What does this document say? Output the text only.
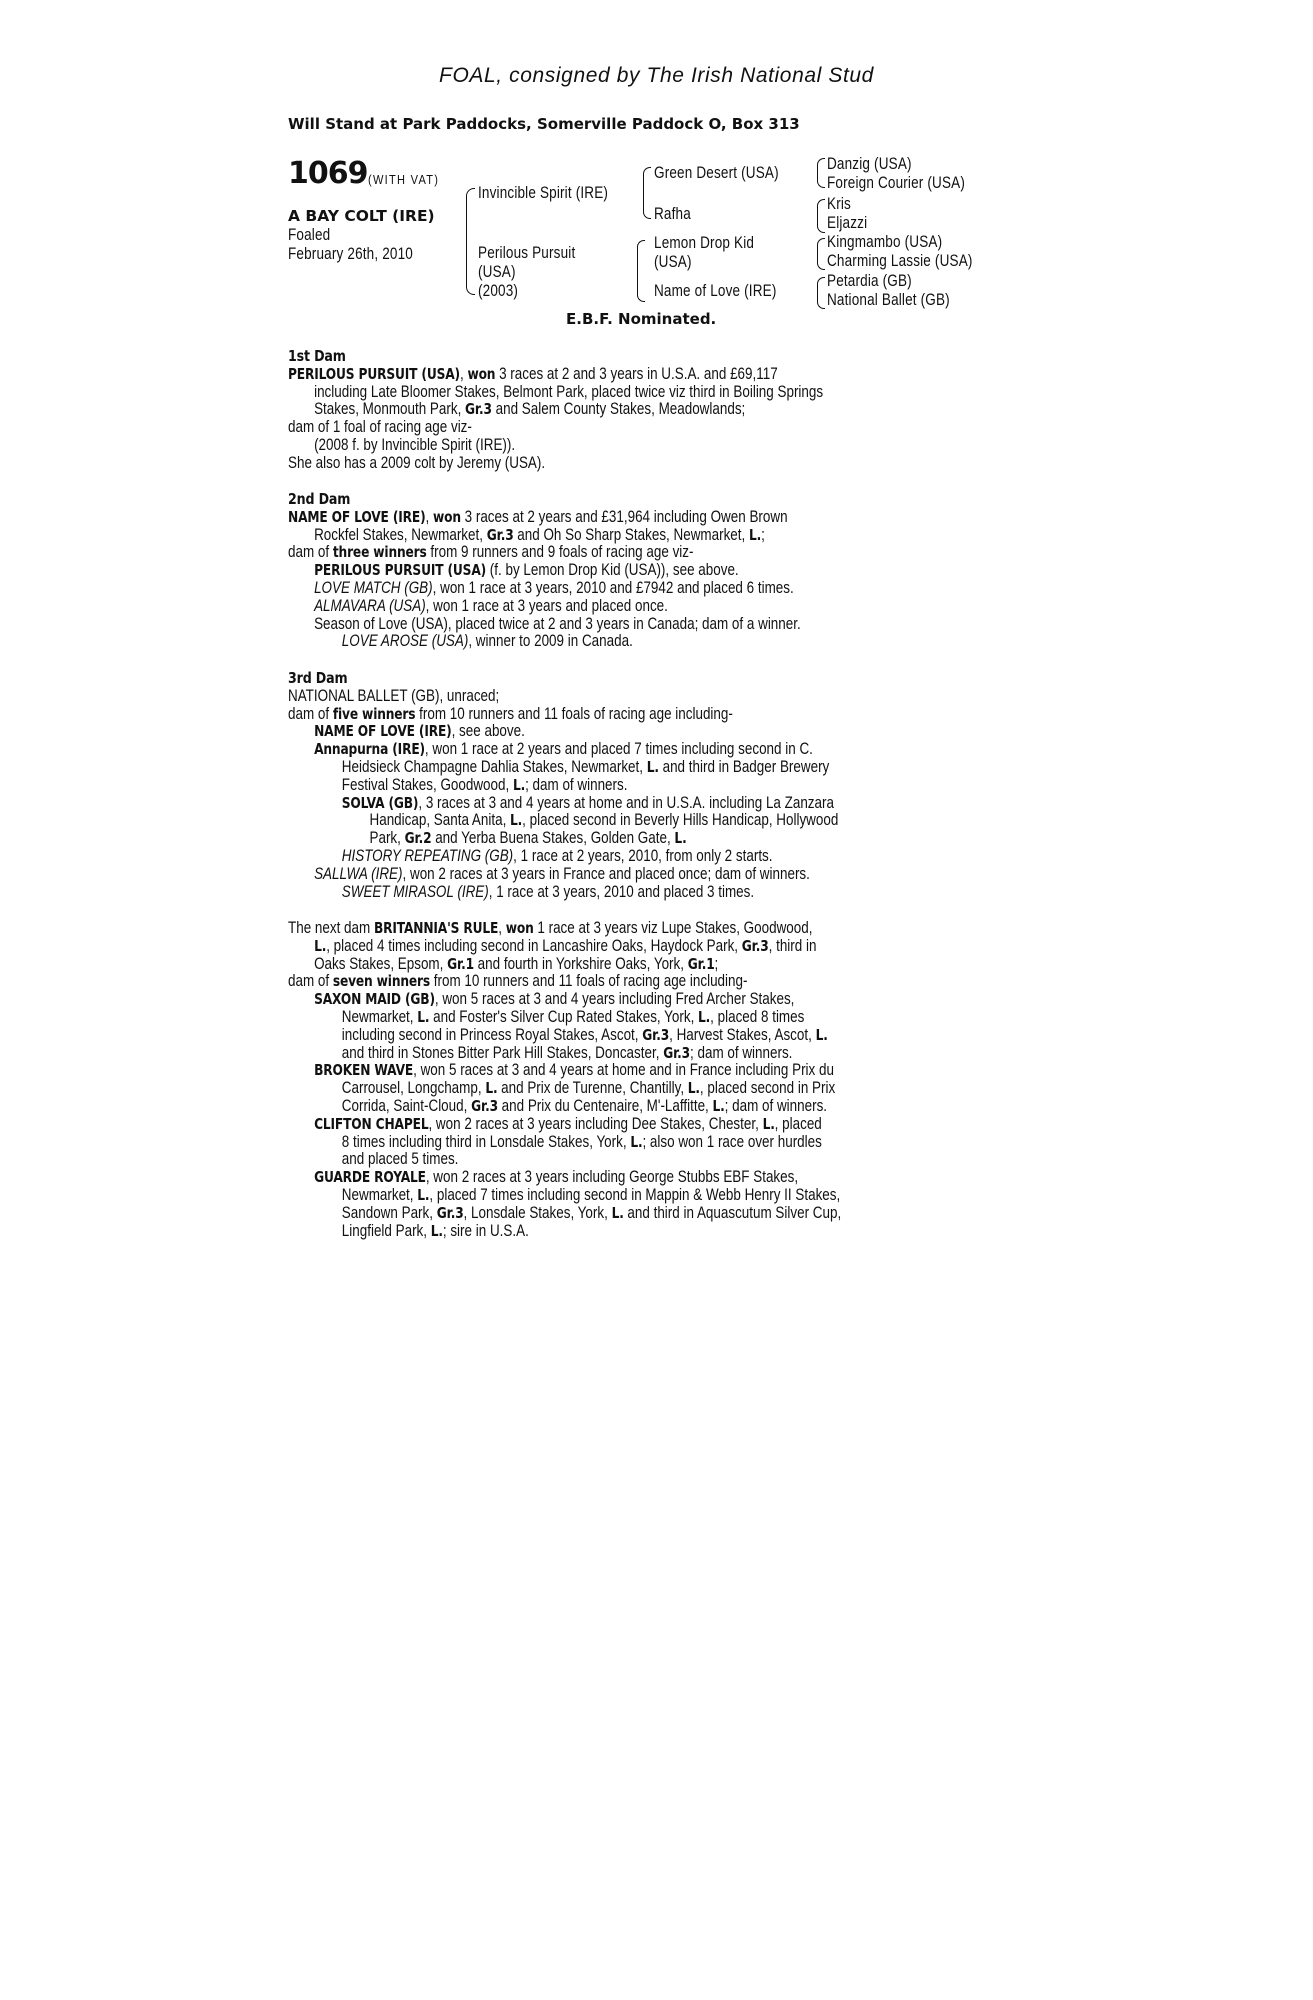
FOAL, consigned by The Irish National Stud
Will Stand at Park Paddocks, Somerville Paddock O, Box 313
1069 (WITH VAT)
A BAY COLT (IRE)
Foaled
February 26th, 2010
Invincible Spirit (IRE)
Perilous Pursuit
(USA)
(2003)
Green Desert (USA)
Rafha
Lemon Drop Kid
(USA)
Name of Love (IRE)
Danzig (USA)
Foreign Courier (USA)
Kris
Eljazzi
Kingmambo (USA)
Charming Lassie (USA)
Petardia (GB)
National Ballet (GB)
E.B.F. Nominated.

1st Dam

PERILOUS PURSUIT (USA), won 3 races at 2 and 3 years in U.S.A. and £69,117

including Late Bloomer Stakes, Belmont Park, placed twice viz third in Boiling Springs

Stakes, Monmouth Park, Gr.3 and Salem County Stakes, Meadowlands;

dam of 1 foal of racing age viz-

(2008 f. by Invincible Spirit (IRE)).

She also has a 2009 colt by Jeremy (USA).

2nd Dam

NAME OF LOVE (IRE), won 3 races at 2 years and £31,964 including Owen Brown

Rockfel Stakes, Newmarket, Gr.3 and Oh So Sharp Stakes, Newmarket, L.;

dam of three winners from 9 runners and 9 foals of racing age viz-

PERILOUS PURSUIT (USA) (f. by Lemon Drop Kid (USA)), see above.

LOVE MATCH (GB), won 1 race at 3 years, 2010 and £7942 and placed 6 times.

ALMAVARA (USA), won 1 race at 3 years and placed once.

Season of Love (USA), placed twice at 2 and 3 years in Canada; dam of a winner.

LOVE AROSE (USA), winner to 2009 in Canada.

3rd Dam

NATIONAL BALLET (GB), unraced;

dam of five winners from 10 runners and 11 foals of racing age including-

NAME OF LOVE (IRE), see above.

Annapurna (IRE), won 1 race at 2 years and placed 7 times including second in C.

Heidsieck Champagne Dahlia Stakes, Newmarket, L. and third in Badger Brewery

Festival Stakes, Goodwood, L.; dam of winners.

SOLVA (GB), 3 races at 3 and 4 years at home and in U.S.A. including La Zanzara

Handicap, Santa Anita, L., placed second in Beverly Hills Handicap, Hollywood

Park, Gr.2 and Yerba Buena Stakes, Golden Gate, L.

HISTORY REPEATING (GB), 1 race at 2 years, 2010, from only 2 starts.

SALLWA (IRE), won 2 races at 3 years in France and placed once; dam of winners.

SWEET MIRASOL (IRE), 1 race at 3 years, 2010 and placed 3 times.

The next dam BRITANNIA'S RULE, won 1 race at 3 years viz Lupe Stakes, Goodwood,

L., placed 4 times including second in Lancashire Oaks, Haydock Park, Gr.3, third in

Oaks Stakes, Epsom, Gr.1 and fourth in Yorkshire Oaks, York, Gr.1;

dam of seven winners from 10 runners and 11 foals of racing age including-

SAXON MAID (GB), won 5 races at 3 and 4 years including Fred Archer Stakes,

Newmarket, L. and Foster's Silver Cup Rated Stakes, York, L., placed 8 times

including second in Princess Royal Stakes, Ascot, Gr.3, Harvest Stakes, Ascot, L.

and third in Stones Bitter Park Hill Stakes, Doncaster, Gr.3; dam of winners.

BROKEN WAVE, won 5 races at 3 and 4 years at home and in France including Prix du

Carrousel, Longchamp, L. and Prix de Turenne, Chantilly, L., placed second in Prix

Corrida, Saint-Cloud, Gr.3 and Prix du Centenaire, M'-Laffitte, L.; dam of winners.

CLIFTON CHAPEL, won 2 races at 3 years including Dee Stakes, Chester, L., placed

8 times including third in Lonsdale Stakes, York, L.; also won 1 race over hurdles

and placed 5 times.

GUARDE ROYALE, won 2 races at 3 years including George Stubbs EBF Stakes,

Newmarket, L., placed 7 times including second in Mappin & Webb Henry II Stakes,

Sandown Park, Gr.3, Lonsdale Stakes, York, L. and third in Aquascutum Silver Cup,

Lingfield Park, L.; sire in U.S.A.
